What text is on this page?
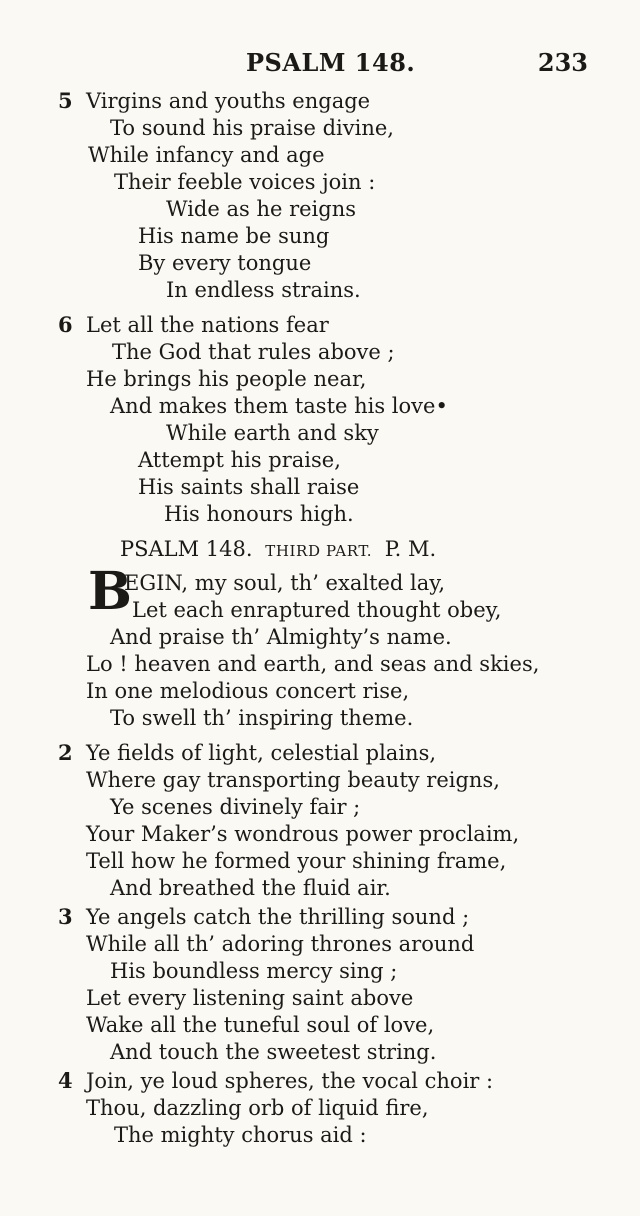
PSALM 148.	233
5 Virgins and youths engage
To sound his praise divine,
While infancy and age
Their feeble voices join :
Wide as he reigns
His name be sung
By every tongue
In endless strains.
6 Let all the nations fear
The God that rules above ;
He brings his people near,
And makes them taste his love•
While earth and sky
Attempt his praise,
His saints shall raise
His honours high.
PSALM 148. THIRD PART. P. M.
B
EGIN, my soul, th’ exalted lay,
Let each enraptured thought obey,
And praise th’ Almighty’s name.
Lo ! heaven and earth, and seas and skies,
In one melodious concert rise,
To swell th’ inspiring theme.
2 Ye fields of light, celestial plains,
Where gay transporting beauty reigns,
Ye scenes divinely fair ;
Your Maker’s wondrous power proclaim,
Tell how he formed your shining frame,
And breathed the fluid air.
3 Ye angels catch the thrilling sound ;
While all th’ adoring thrones around
His boundless mercy sing ;
Let every listening saint above
Wake all the tuneful soul of love,
And touch the sweetest string.
4 Join, ye loud spheres, the vocal choir :
Thou, dazzling orb of liquid fire,
The mighty chorus aid :
